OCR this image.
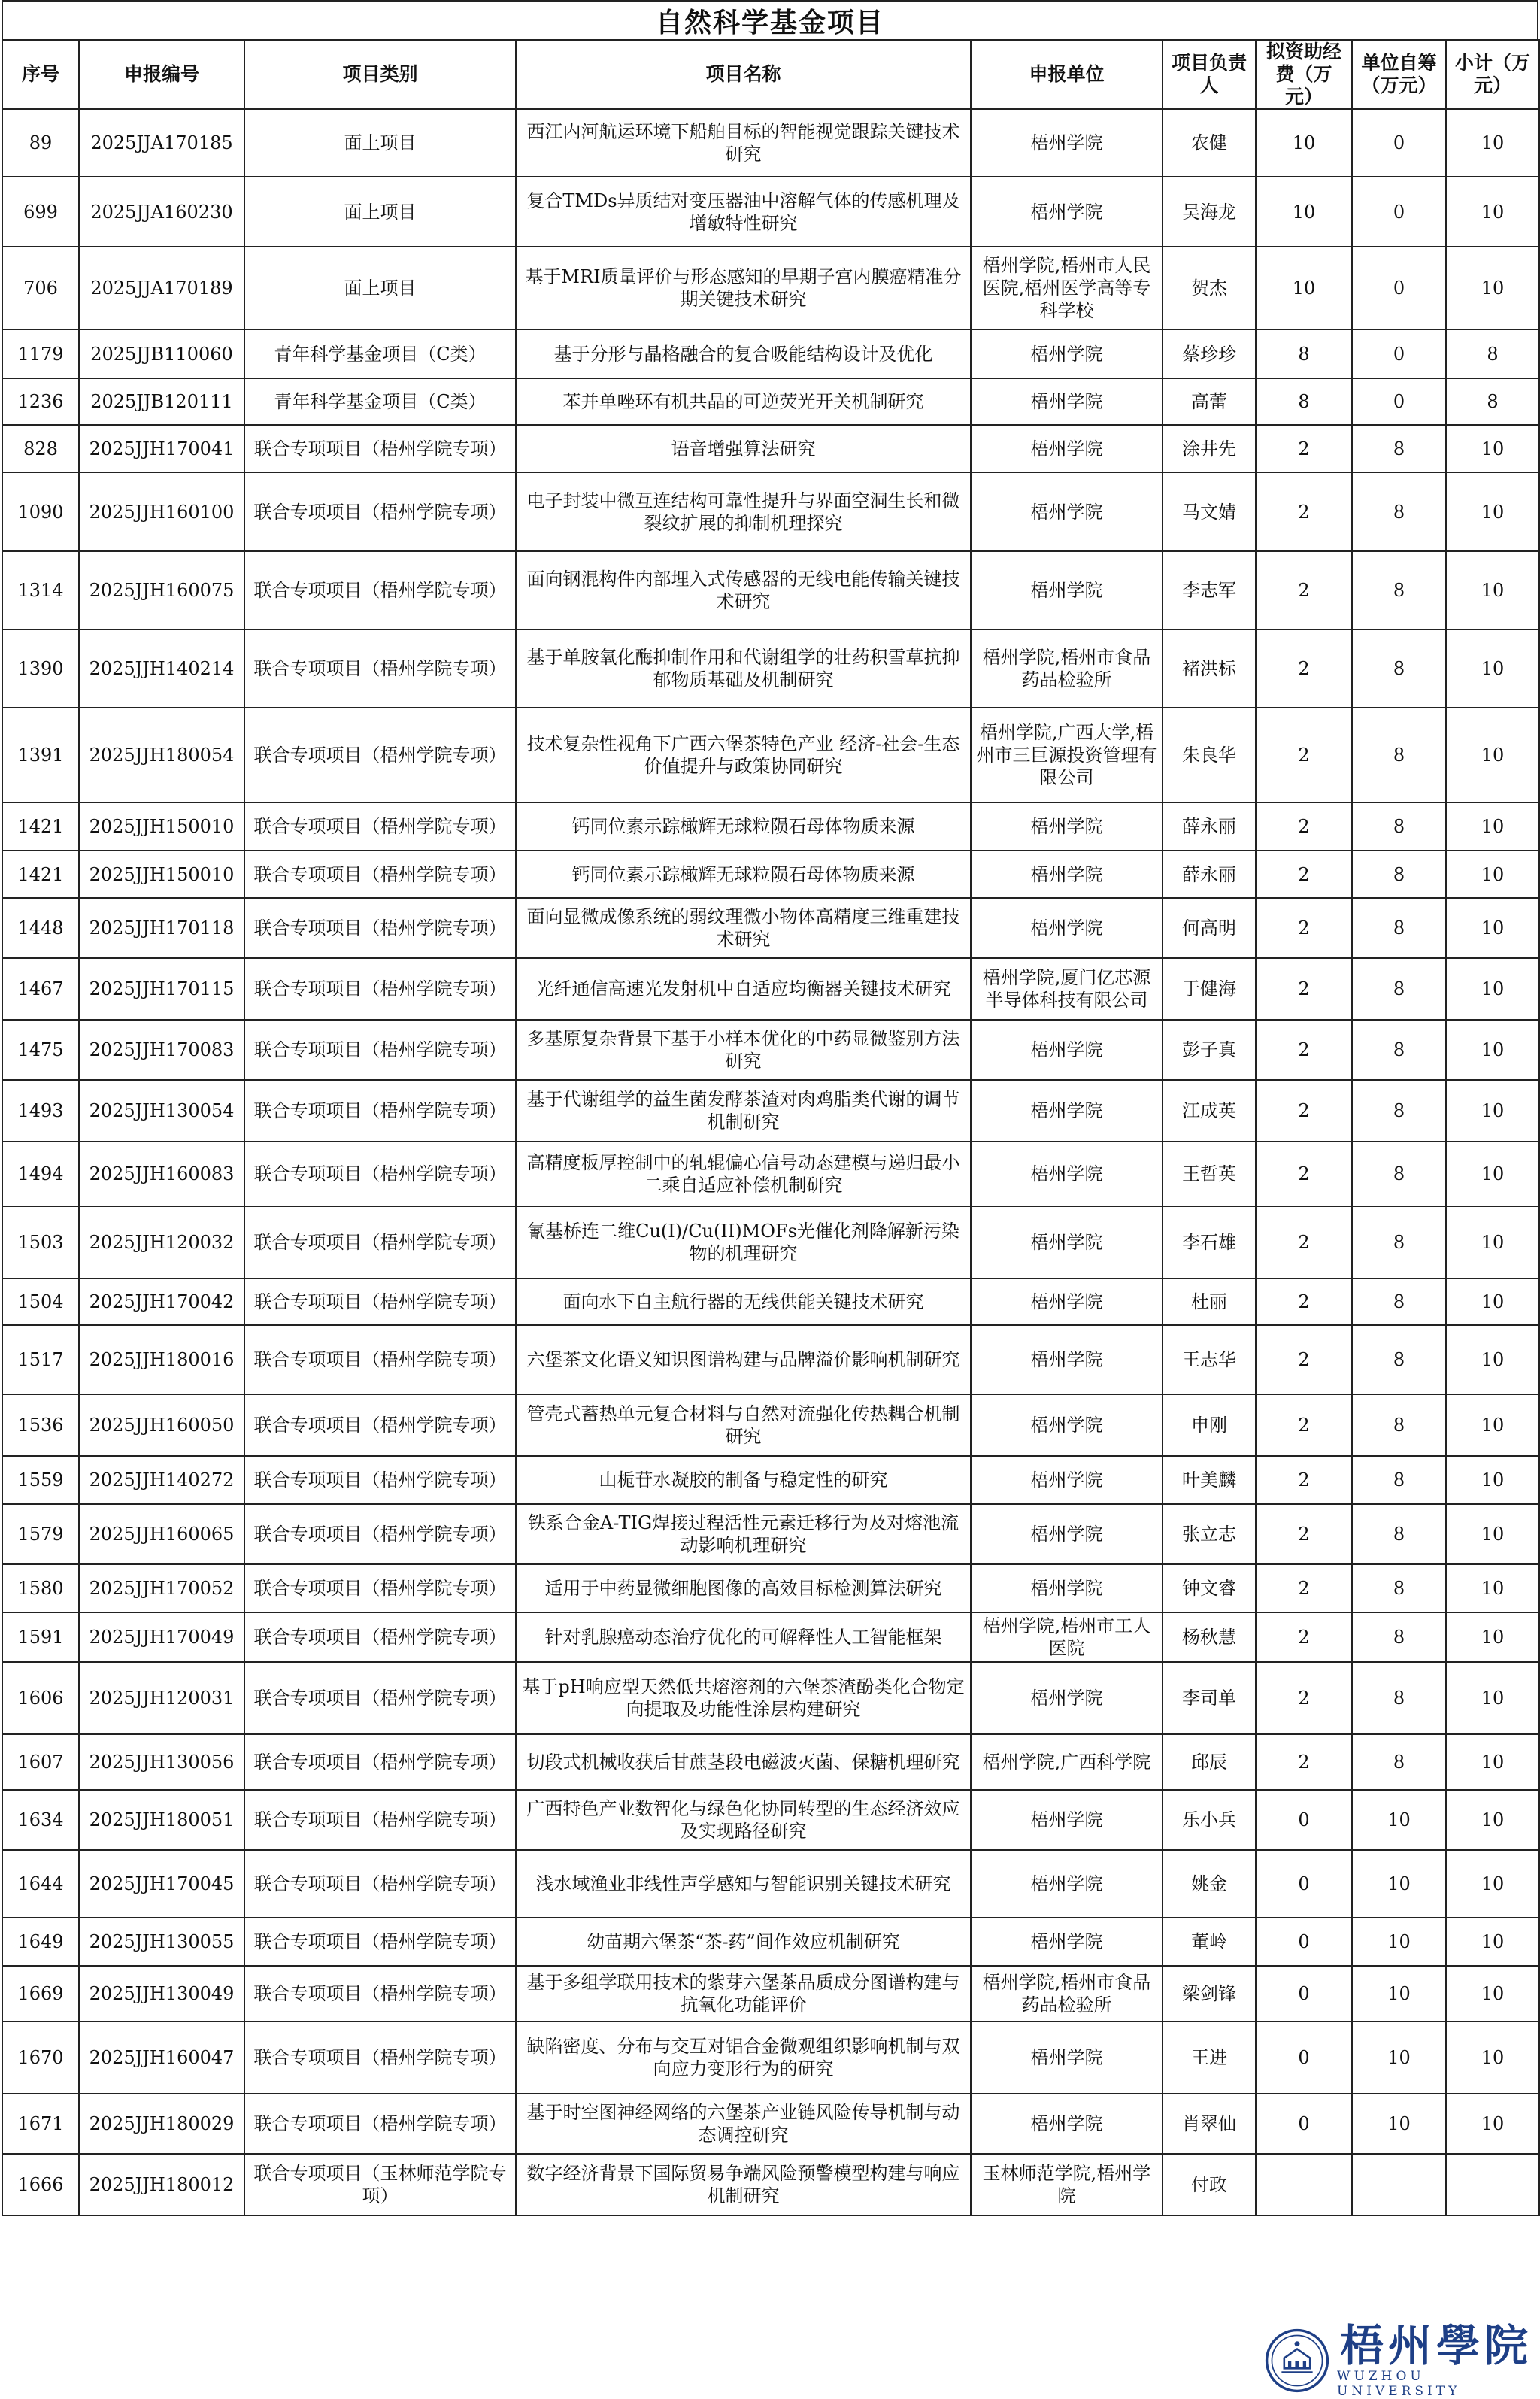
自然科学基金项目
序号	申报编号	项目类别	项目名称	申报单位	项目负责人	拟资助经费（万元）	单位自筹（万元）	小计（万元）
89	2025JJA170185	面上项目	西江内河航运环境下船舶目标的智能视觉跟踪关键技术研究	梧州学院	农健	10	0	10
699	2025JJA160230	面上项目	复合TMDs异质结对变压器油中溶解气体的传感机理及增敏特性研究	梧州学院	吴海龙	10	0	10
706	2025JJA170189	面上项目	基于MRI质量评价与形态感知的早期子宫内膜癌精准分期关键技术研究	梧州学院,梧州市人民医院,梧州医学高等专科学校	贺杰	10	0	10
1179	2025JJB110060	青年科学基金项目（C类）	基于分形与晶格融合的复合吸能结构设计及优化	梧州学院	蔡珍珍	8	0	8
1236	2025JJB120111	青年科学基金项目（C类）	苯并单唑环有机共晶的可逆荧光开关机制研究	梧州学院	高蕾	8	0	8
828	2025JJH170041	联合专项项目（梧州学院专项）	语音增强算法研究	梧州学院	涂井先	2	8	10
1090	2025JJH160100	联合专项项目（梧州学院专项）	电子封装中微互连结构可靠性提升与界面空洞生长和微裂纹扩展的抑制机理探究	梧州学院	马文婧	2	8	10
1314	2025JJH160075	联合专项项目（梧州学院专项）	面向钢混构件内部埋入式传感器的无线电能传输关键技术研究	梧州学院	李志军	2	8	10
1390	2025JJH140214	联合专项项目（梧州学院专项）	基于单胺氧化酶抑制作用和代谢组学的壮药积雪草抗抑郁物质基础及机制研究	梧州学院,梧州市食品药品检验所	褚洪标	2	8	10
1391	2025JJH180054	联合专项项目（梧州学院专项）	技术复杂性视角下广西六堡茶特色产业 经济-社会-生态价值提升与政策协同研究	梧州学院,广西大学,梧州市三巨源投资管理有限公司	朱良华	2	8	10
1421	2025JJH150010	联合专项项目（梧州学院专项）	钙同位素示踪橄辉无球粒陨石母体物质来源	梧州学院	薛永丽	2	8	10
1421	2025JJH150010	联合专项项目（梧州学院专项）	钙同位素示踪橄辉无球粒陨石母体物质来源	梧州学院	薛永丽	2	8	10
1448	2025JJH170118	联合专项项目（梧州学院专项）	面向显微成像系统的弱纹理微小物体高精度三维重建技术研究	梧州学院	何高明	2	8	10
1467	2025JJH170115	联合专项项目（梧州学院专项）	光纤通信高速光发射机中自适应均衡器关键技术研究	梧州学院,厦门亿芯源半导体科技有限公司	于健海	2	8	10
1475	2025JJH170083	联合专项项目（梧州学院专项）	多基原复杂背景下基于小样本优化的中药显微鉴别方法研究	梧州学院	彭子真	2	8	10
1493	2025JJH130054	联合专项项目（梧州学院专项）	基于代谢组学的益生菌发酵茶渣对肉鸡脂类代谢的调节机制研究	梧州学院	江成英	2	8	10
1494	2025JJH160083	联合专项项目（梧州学院专项）	高精度板厚控制中的轧辊偏心信号动态建模与递归最小二乘自适应补偿机制研究	梧州学院	王哲英	2	8	10
1503	2025JJH120032	联合专项项目（梧州学院专项）	氰基桥连二维Cu(I)/Cu(II)MOFs光催化剂降解新污染物的机理研究	梧州学院	李石雄	2	8	10
1504	2025JJH170042	联合专项项目（梧州学院专项）	面向水下自主航行器的无线供能关键技术研究	梧州学院	杜丽	2	8	10
1517	2025JJH180016	联合专项项目（梧州学院专项）	六堡茶文化语义知识图谱构建与品牌溢价影响机制研究	梧州学院	王志华	2	8	10
1536	2025JJH160050	联合专项项目（梧州学院专项）	管壳式蓄热单元复合材料与自然对流强化传热耦合机制研究	梧州学院	申刚	2	8	10
1559	2025JJH140272	联合专项项目（梧州学院专项）	山栀苷水凝胶的制备与稳定性的研究	梧州学院	叶美麟	2	8	10
1579	2025JJH160065	联合专项项目（梧州学院专项）	铁系合金A-TIG焊接过程活性元素迁移行为及对熔池流动影响机理研究	梧州学院	张立志	2	8	10
1580	2025JJH170052	联合专项项目（梧州学院专项）	适用于中药显微细胞图像的高效目标检测算法研究	梧州学院	钟文睿	2	8	10
1591	2025JJH170049	联合专项项目（梧州学院专项）	针对乳腺癌动态治疗优化的可解释性人工智能框架	梧州学院,梧州市工人医院	杨秋慧	2	8	10
1606	2025JJH120031	联合专项项目（梧州学院专项）	基于pH响应型天然低共熔溶剂的六堡茶渣酚类化合物定向提取及功能性涂层构建研究	梧州学院	李司单	2	8	10
1607	2025JJH130056	联合专项项目（梧州学院专项）	切段式机械收获后甘蔗茎段电磁波灭菌、保糖机理研究	梧州学院,广西科学院	邱辰	2	8	10
1634	2025JJH180051	联合专项项目（梧州学院专项）	广西特色产业数智化与绿色化协同转型的生态经济效应及实现路径研究	梧州学院	乐小兵	0	10	10
1644	2025JJH170045	联合专项项目（梧州学院专项）	浅水域渔业非线性声学感知与智能识别关键技术研究	梧州学院	姚金	0	10	10
1649	2025JJH130055	联合专项项目（梧州学院专项）	幼苗期六堡茶“茶-药”间作效应机制研究	梧州学院	董岭	0	10	10
1669	2025JJH130049	联合专项项目（梧州学院专项）	基于多组学联用技术的紫芽六堡茶品质成分图谱构建与抗氧化功能评价	梧州学院,梧州市食品药品检验所	梁剑锋	0	10	10
1670	2025JJH160047	联合专项项目（梧州学院专项）	缺陷密度、分布与交互对铝合金微观组织影响机制与双向应力变形行为的研究	梧州学院	王进	0	10	10
1671	2025JJH180029	联合专项项目（梧州学院专项）	基于时空图神经网络的六堡茶产业链风险传导机制与动态调控研究	梧州学院	肖翠仙	0	10	10
1666	2025JJH180012	联合专项项目（玉林师范学院专项）	数字经济背景下国际贸易争端风险预警模型构建与响应机制研究	玉林师范学院,梧州学院	付政			
梧州學院
WUZHOU UNIVERSITY
